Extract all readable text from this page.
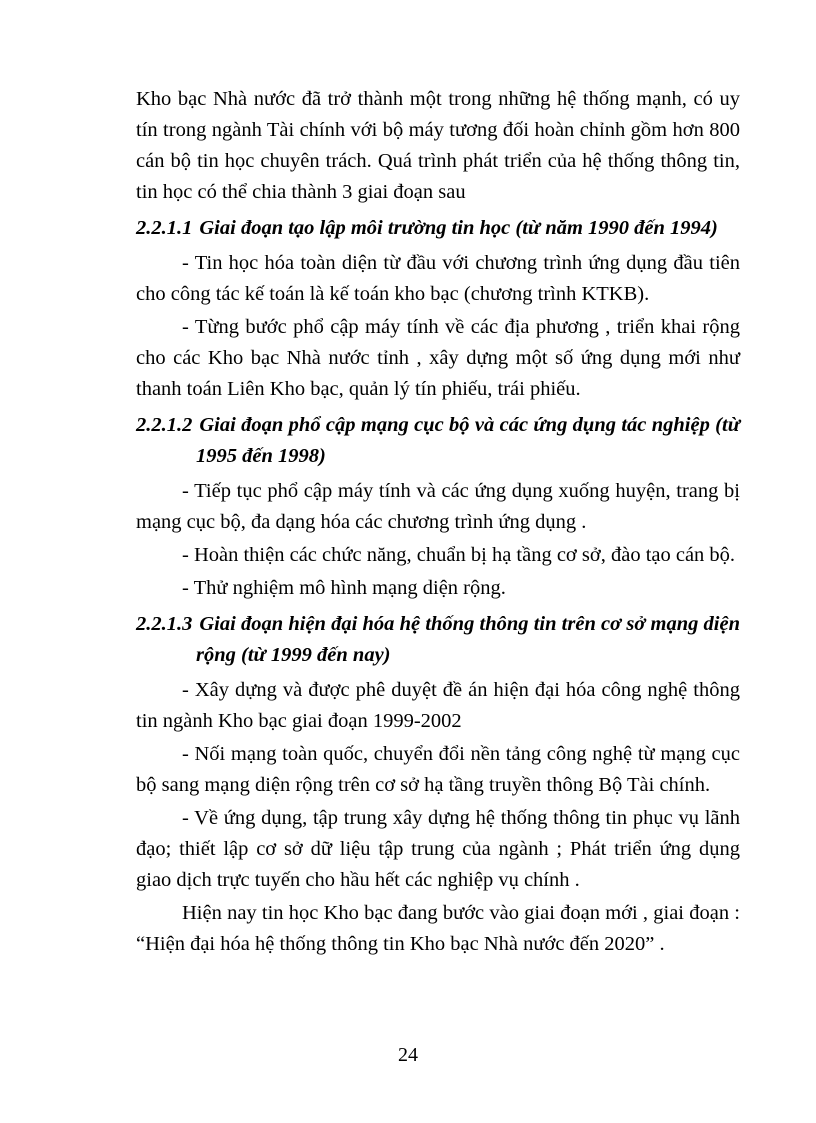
Kho bạc Nhà nước đã trở thành một trong những hệ thống mạnh, có uy tín trong ngành Tài chính với bộ máy tương đối hoàn chỉnh gồm hơn 800 cán bộ tin học chuyên trách. Quá trình phát triển của hệ thống thông tin, tin học có thể chia thành 3 giai đoạn sau

2.2.1.1 Giai đoạn tạo lập môi trường tin học (từ năm 1990 đến 1994)

- Tin học hóa toàn diện từ đầu với chương trình ứng dụng đầu tiên cho công tác kế toán là kế toán kho bạc (chương trình KTKB).

- Từng bước phổ cập máy tính về các địa phương , triển khai rộng cho các Kho bạc Nhà nước tỉnh , xây dựng một số ứng dụng mới như thanh toán Liên Kho bạc, quản lý tín phiếu, trái phiếu.

2.2.1.2 Giai đoạn phổ cập mạng cục bộ và các ứng dụng tác nghiệp (từ 1995 đến 1998)

- Tiếp tục phổ cập máy tính và các ứng dụng xuống huyện, trang bị mạng cục bộ, đa dạng hóa các chương trình ứng dụng .

- Hoàn thiện các chức năng, chuẩn bị hạ tầng cơ sở, đào tạo cán bộ.

- Thử nghiệm mô hình mạng diện rộng.

2.2.1.3 Giai đoạn hiện đại hóa hệ thống thông tin trên cơ sở mạng diện rộng (từ 1999 đến nay)

- Xây dựng và được phê duyệt đề án hiện đại hóa công nghệ thông tin ngành Kho bạc giai đoạn 1999-2002

- Nối mạng toàn quốc, chuyển đổi nền tảng công nghệ từ mạng cục bộ sang mạng diện rộng trên cơ sở hạ tầng truyền thông Bộ Tài chính.

- Về ứng dụng, tập trung xây dựng hệ thống thông tin phục vụ lãnh đạo; thiết lập cơ sở dữ liệu tập trung của ngành ; Phát triển ứng dụng giao dịch trực tuyến cho hầu hết các nghiệp vụ chính .

Hiện nay tin học Kho bạc đang bước vào giai đoạn mới , giai đoạn : “Hiện đại hóa hệ thống thông tin Kho bạc Nhà nước đến 2020” .

24
